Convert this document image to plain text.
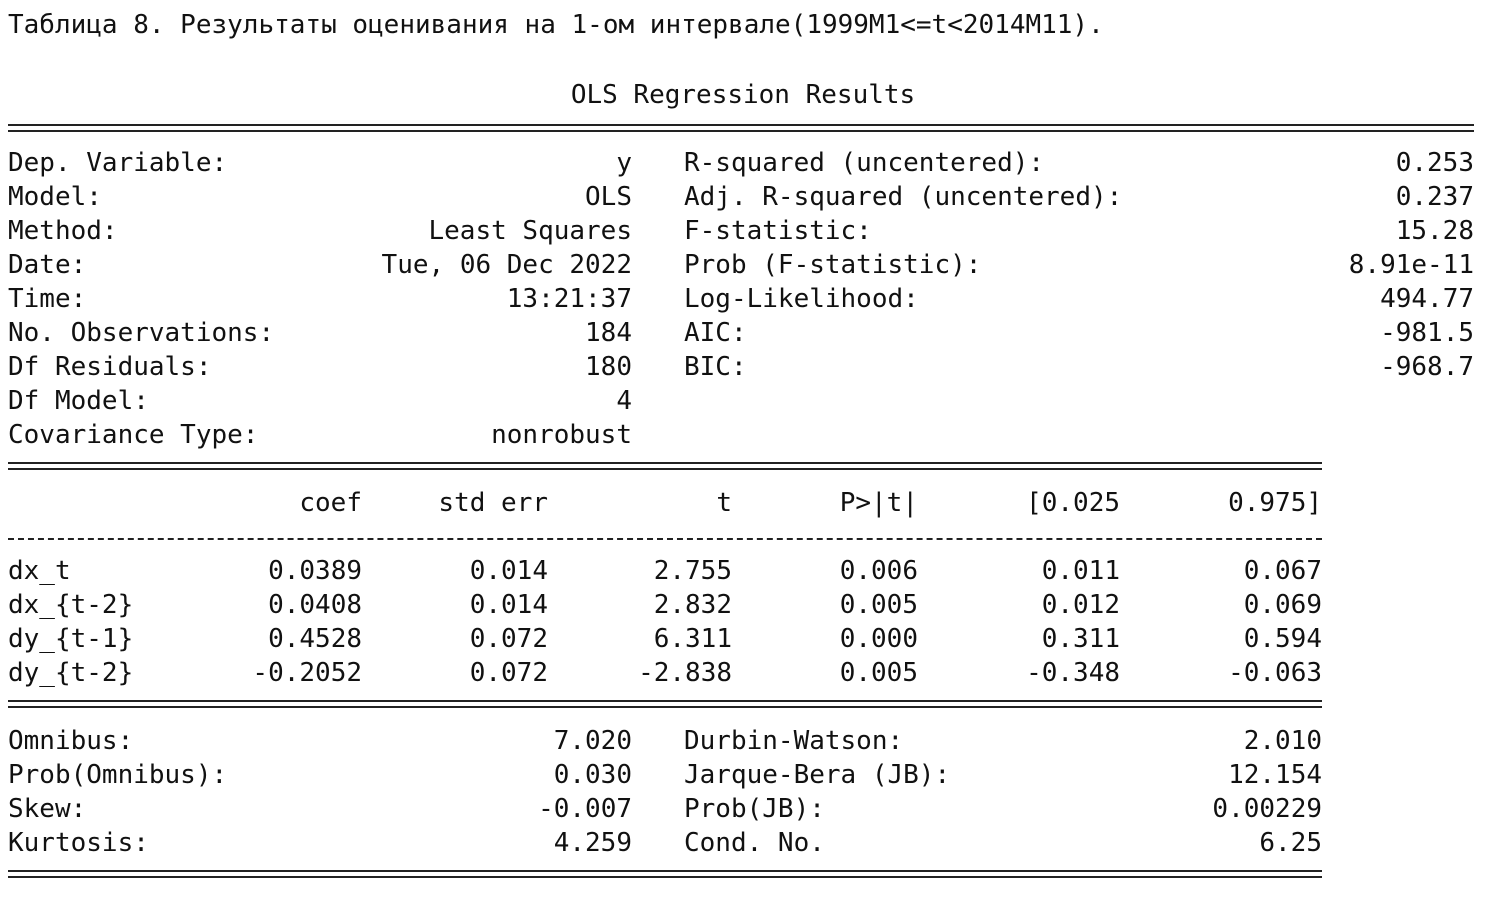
Таблица 8. Результаты оценивания на 1-ом интервале(1999M1<=t<2014M11).
OLS Regression Results
Dep. Variable:	y
Model:	OLS
Method:	Least Squares
Date:	Tue, 06 Dec 2022
Time:	13:21:37
No. Observations:	184
Df Residuals:	180
Df Model:	4
Covariance Type:	nonrobust
R-squared (uncentered):	0.253
Adj. R-squared (uncentered):	0.237
F-statistic:	15.28
Prob (F-statistic):	8.91e-11
Log-Likelihood:	494.77
AIC:	-981.5
BIC:	-968.7
coef	std err	t	P>|t|	[0.025	0.975]
dx_t	0.0389	0.014	2.755	0.006	0.011	0.067
dx_{t-2}	0.0408	0.014	2.832	0.005	0.012	0.069
dy_{t-1}	0.4528	0.072	6.311	0.000	0.311	0.594
dy_{t-2}	-0.2052	0.072	-2.838	0.005	-0.348	-0.063
Omnibus:	7.020
Prob(Omnibus):	0.030
Skew:	-0.007
Kurtosis:	4.259
Durbin-Watson:	2.010
Jarque-Bera (JB):	12.154
Prob(JB):	0.00229
Cond. No.	6.25
